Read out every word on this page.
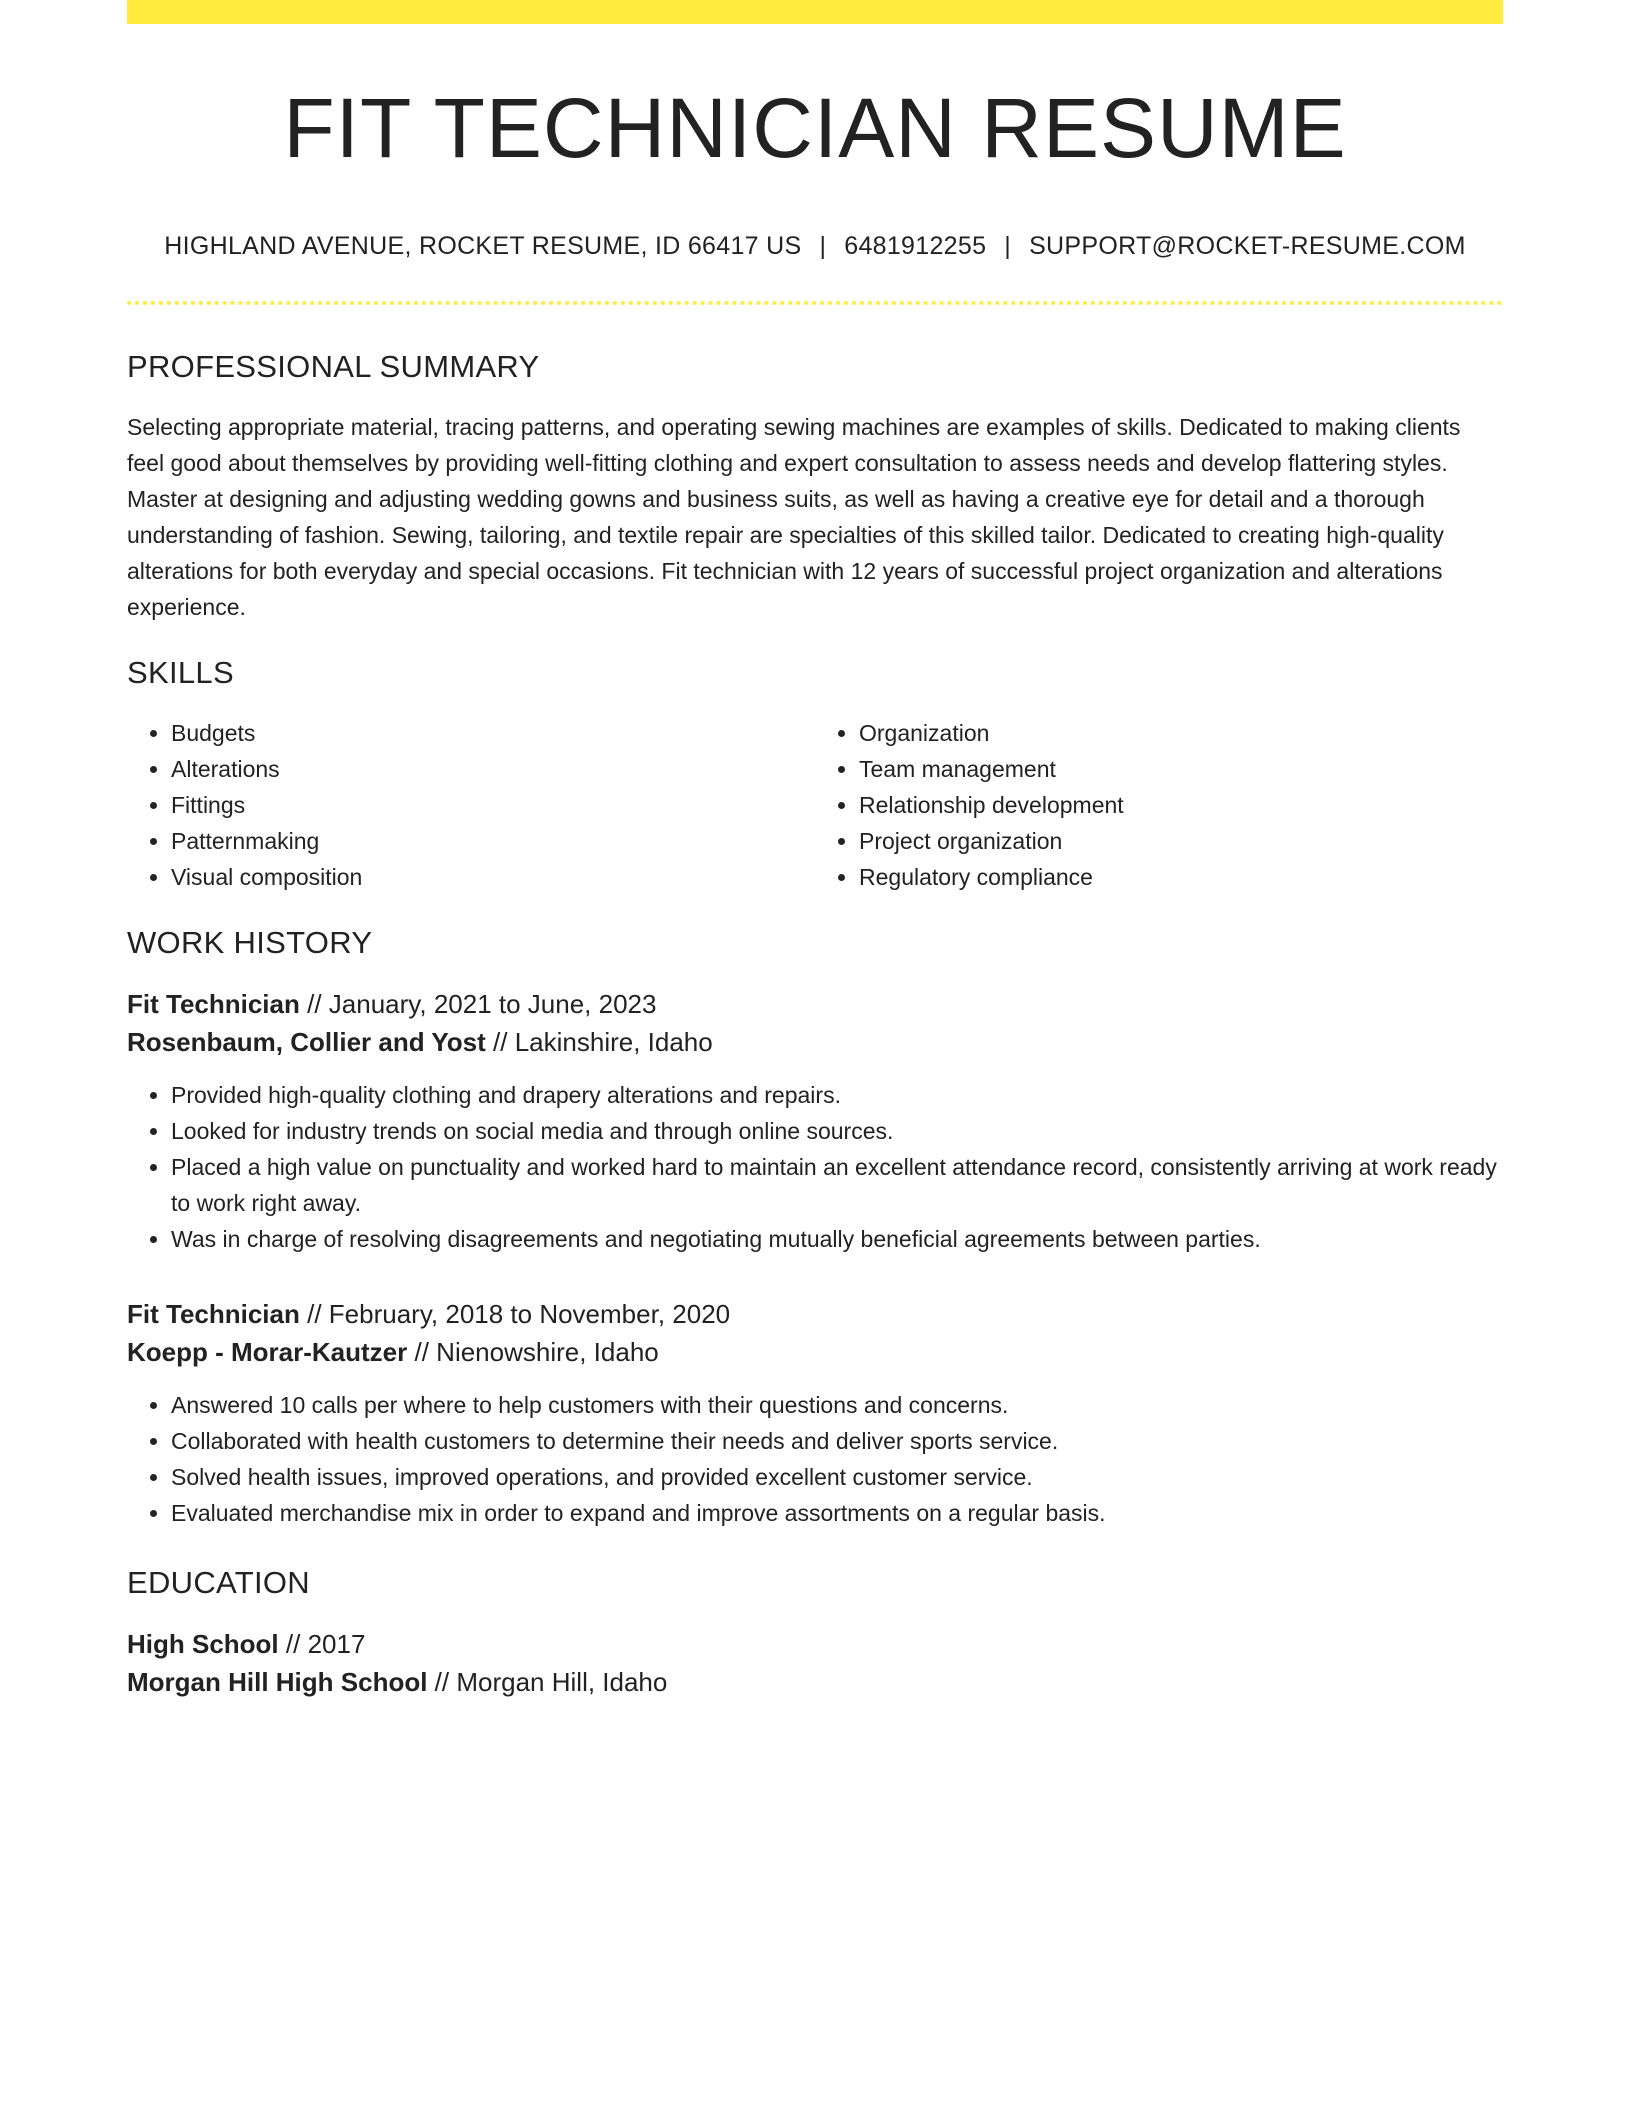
FIT TECHNICIAN RESUME
HIGHLAND AVENUE, ROCKET RESUME, ID 66417 US | 6481912255 | SUPPORT@ROCKET-RESUME.COM
PROFESSIONAL SUMMARY

Selecting appropriate material, tracing patterns, and operating sewing machines are examples of skills. Dedicated to making clients feel good about themselves by providing well-fitting clothing and expert consultation to assess needs and develop flattering styles. Master at designing and adjusting wedding gowns and business suits, as well as having a creative eye for detail and a thorough understanding of fashion. Sewing, tailoring, and textile repair are specialties of this skilled tailor. Dedicated to creating high-quality alterations for both everyday and special occasions. Fit technician with 12 years of successful project organization and alterations experience.

SKILLS
• Budgets
• Alterations
• Fittings
• Patternmaking
• Visual composition
• Organization
• Team management
• Relationship development
• Project organization
• Regulatory compliance
WORK HISTORY
Fit Technician // January, 2021 to June, 2023
Rosenbaum, Collier and Yost // Lakinshire, Idaho
• Provided high-quality clothing and drapery alterations and repairs.
• Looked for industry trends on social media and through online sources.
• Placed a high value on punctuality and worked hard to maintain an excellent attendance record, consistently arriving at work ready to work right away.
• Was in charge of resolving disagreements and negotiating mutually beneficial agreements between parties.
Fit Technician // February, 2018 to November, 2020
Koepp - Morar-Kautzer // Nienowshire, Idaho
• Answered 10 calls per where to help customers with their questions and concerns.
• Collaborated with health customers to determine their needs and deliver sports service.
• Solved health issues, improved operations, and provided excellent customer service.
• Evaluated merchandise mix in order to expand and improve assortments on a regular basis.
EDUCATION
High School // 2017
Morgan Hill High School // Morgan Hill, Idaho
